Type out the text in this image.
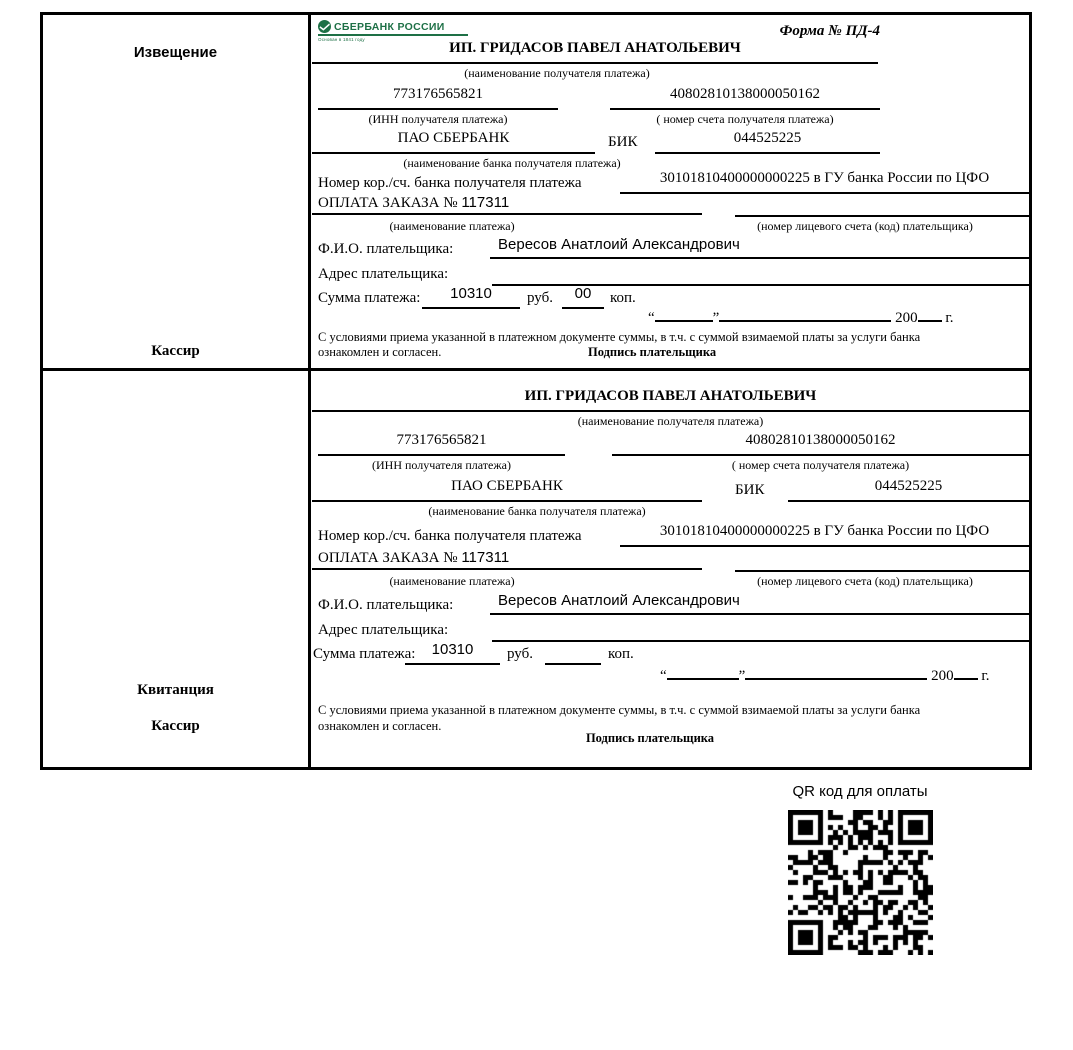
Извещение
Кассир
СБЕРБАНК РОССИИ
Основан в 1841 году	Форма № ПД-4
ИП. ГРИДАСОВ ПАВЕЛ АНАТОЛЬЕВИЧ
(наименование получателя платежа)
773176565821	40802810138000050162
(ИНН получателя платежа)	( номер счета получателя платежа)
ПАО СБЕРБАНК	БИК	044525225
(наименование банка получателя платежа)
Номер кор./сч. банка получателя платежа	30101810400000000225 в ГУ банка России по ЦФО
ОПЛАТА ЗАКАЗА № 117311
(наименование платежа)	(номер лицевого счета (код) плательщика)
Ф.И.О. плательщика:	Вересов Анатлоий Александрович
Адрес плательщика:
Сумма платежа:	10310	руб.	00	коп.
“	”	200 г.
С условиями приема указанной в платежном документе суммы, в т.ч. с суммой взимаемой платы за услуги банка
ознакомлен и согласен.	Подпись плательщика
Квитанция
Кассир
ИП. ГРИДАСОВ ПАВЕЛ АНАТОЛЬЕВИЧ
(наименование получателя платежа)
773176565821	40802810138000050162
(ИНН получателя платежа)	( номер счета получателя платежа)
ПАО СБЕРБАНК	БИК	044525225
(наименование банка получателя платежа)
Номер кор./сч. банка получателя платежа	30101810400000000225 в ГУ банка России по ЦФО
ОПЛАТА ЗАКАЗА № 117311
(наименование платежа)	(номер лицевого счета (код) плательщика)
Ф.И.О. плательщика:	Вересов Анатлоий Александрович
Адрес плательщика:
Сумма платежа:	10310	руб.	коп.
“	”	200 г.
С условиями приема указанной в платежном документе суммы, в т.ч. с суммой взимаемой платы за услуги банка
ознакомлен и согласен.
Подпись плательщика
QR код для оплаты
